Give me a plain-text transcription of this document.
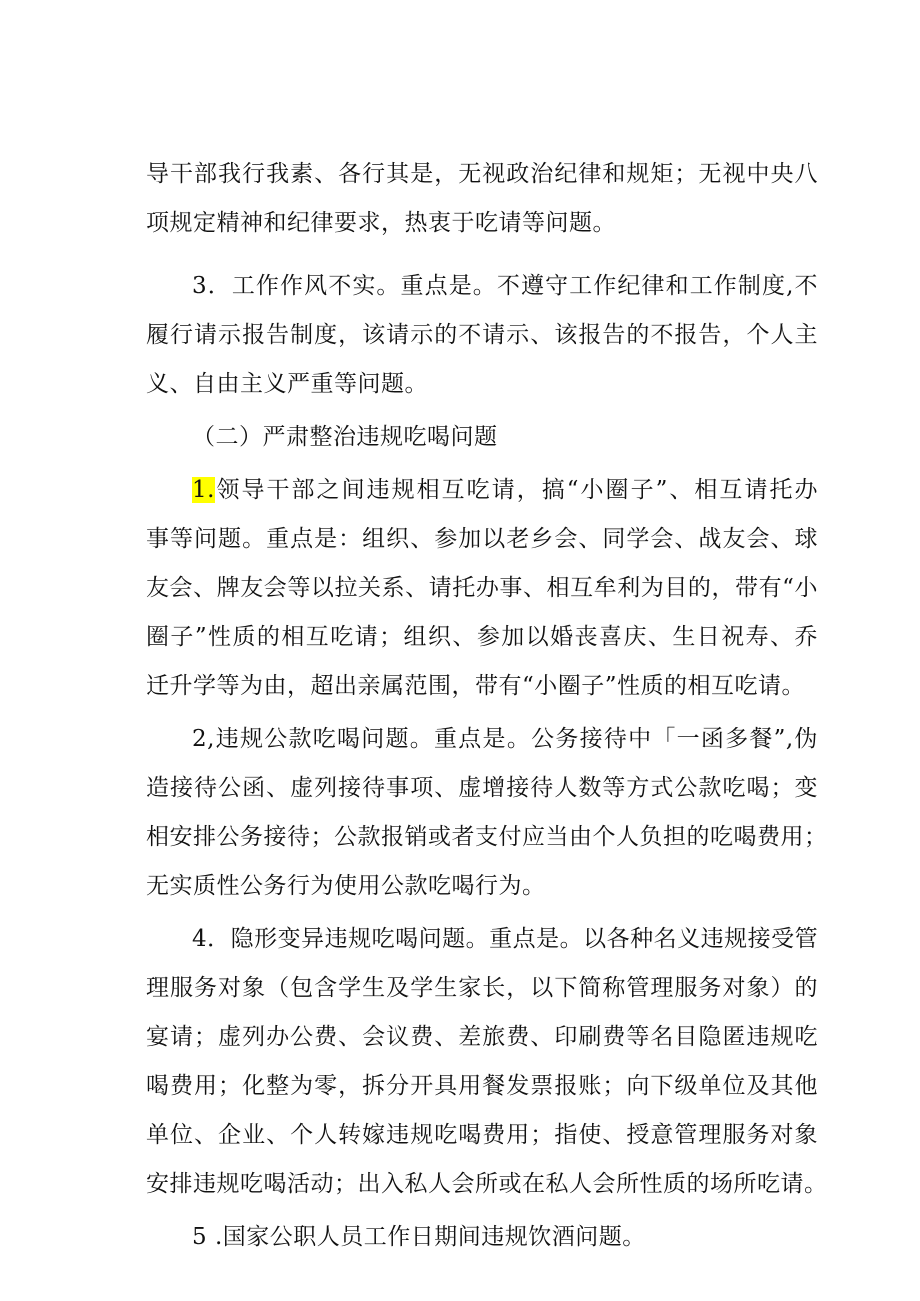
导干部我行我素、各行其是，无视政治纪律和规矩；无视中央八
项规定精神和纪律要求，热衷于吃请等问题。
3．工作作风不实。重点是。不遵守工作纪律和工作制度,不
履行请示报告制度，该请示的不请示、该报告的不报告，个人主
义、自由主义严重等问题。
（二）严肃整治违规吃喝问题
1.领导干部之间违规相互吃请，搞“小圈子”、相互请托办
事等问题。重点是：组织、参加以老乡会、同学会、战友会、球
友会、牌友会等以拉关系、请托办事、相互牟利为目的，带有“小
圈子”性质的相互吃请；组织、参加以婚丧喜庆、生日祝寿、乔
迁升学等为由，超出亲属范围，带有“小圈子”性质的相互吃请。
2,违规公款吃喝问题。重点是。公务接待中「一函多餐”,伪
造接待公函、虚列接待事项、虚增接待人数等方式公款吃喝；变
相安排公务接待；公款报销或者支付应当由个人负担的吃喝费用；
无实质性公务行为使用公款吃喝行为。
4．隐形变异违规吃喝问题。重点是。以各种名义违规接受管
理服务对象（包含学生及学生家长，以下简称管理服务对象）的
宴请；虚列办公费、会议费、差旅费、印刷费等名目隐匿违规吃
喝费用；化整为零，拆分开具用餐发票报账；向下级单位及其他
单位、企业、个人转嫁违规吃喝费用；指使、授意管理服务对象
安排违规吃喝活动；出入私人会所或在私人会所性质的场所吃请。
5 .国家公职人员工作日期间违规饮酒问题。
